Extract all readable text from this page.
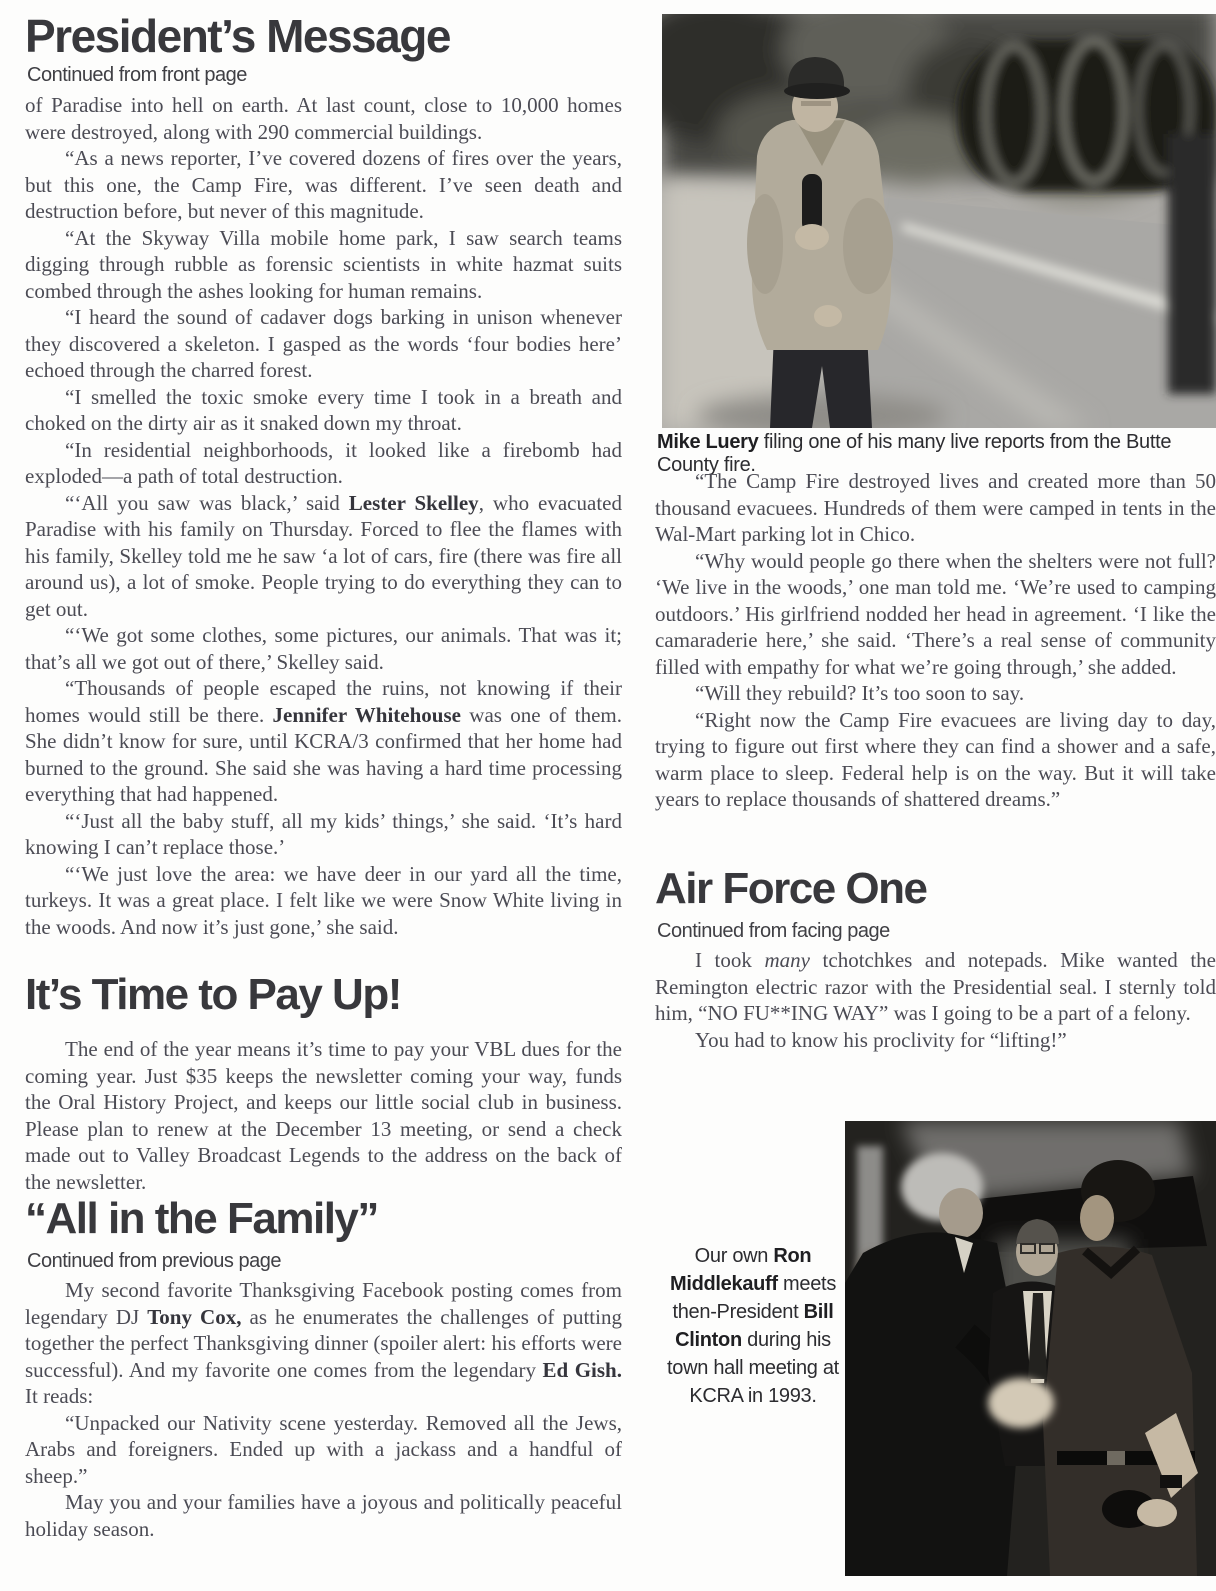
President’s Message
Continued from front page

of Paradise into hell on earth. At last count, close to 10,000 homes were destroyed, along with 290 commercial buildings.

“As a news reporter, I’ve covered dozens of fires over the years, but this one, the Camp Fire, was different. I’ve seen death and destruction before, but never of this magnitude.

“At the Skyway Villa mobile home park, I saw search teams digging through rubble as forensic scientists in white hazmat suits combed through the ashes looking for human remains.

“I heard the sound of cadaver dogs barking in unison whenever they discovered a skeleton. I gasped as the words ‘four bodies here’ echoed through the charred forest.

“I smelled the toxic smoke every time I took in a breath and choked on the dirty air as it snaked down my throat.

“In residential neighborhoods, it looked like a firebomb had exploded—a path of total destruction.

“‘All you saw was black,’ said Lester Skelley, who evacuated Paradise with his family on Thursday. Forced to flee the flames with his family, Skelley told me he saw ‘a lot of cars, fire (there was fire all around us), a lot of smoke. People trying to do everything they can to get out.

“‘We got some clothes, some pictures, our animals. That was it; that’s all we got out of there,’ Skelley said.

“Thousands of people escaped the ruins, not knowing if their homes would still be there. Jennifer Whitehouse was one of them. She didn’t know for sure, until KCRA/3 confirmed that her home had burned to the ground. She said she was having a hard time processing everything that had happened.

“‘Just all the baby stuff, all my kids’ things,’ she said. ‘It’s hard knowing I can’t replace those.’

“‘We just love the area: we have deer in our yard all the time, turkeys. It was a great place. I felt like we were Snow White living in the woods. And now it’s just gone,’ she said.

It’s Time to Pay Up!

The end of the year means it’s time to pay your VBL dues for the coming year. Just $35 keeps the newsletter coming your way, funds the Oral History Project, and keeps our little social club in business. Please plan to renew at the December 13 meeting, or send a check made out to Valley Broadcast Legends to the address on the back of the newsletter.

“All in the Family”
Continued from previous page

My second favorite Thanksgiving Facebook posting comes from legendary DJ Tony Cox, as he enumerates the challenges of putting together the perfect Thanksgiving dinner (spoiler alert: his efforts were successful). And my favorite one comes from the legendary Ed Gish. It reads:

“Unpacked our Nativity scene yesterday. Removed all the Jews, Arabs and foreigners. Ended up with a jackass and a handful of sheep.”

May you and your families have a joyous and politically peaceful holiday season.

Mike Luery filing one of his many live reports from the Butte County fire.

“The Camp Fire destroyed lives and created more than 50 thousand evacuees. Hundreds of them were camped in tents in the Wal-Mart parking lot in Chico.

“Why would people go there when the shelters were not full? ‘We live in the woods,’ one man told me. ‘We’re used to camping outdoors.’ His girlfriend nodded her head in agreement. ‘I like the camaraderie here,’ she said. ‘There’s a real sense of community filled with empathy for what we’re going through,’ she added.

“Will they rebuild? It’s too soon to say.

“Right now the Camp Fire evacuees are living day to day, trying to figure out first where they can find a shower and a safe, warm place to sleep. Federal help is on the way. But it will take years to replace thousands of shattered dreams.”

Air Force One
Continued from facing page

I took many tchotchkes and notepads. Mike wanted the Remington electric razor with the Presidential seal. I sternly told him, “NO FU**ING WAY” was I going to be a part of a felony.

You had to know his proclivity for “lifting!”

Our own Ron Middlekauff meets then-President Bill Clinton during his town hall meeting at KCRA in 1993.
